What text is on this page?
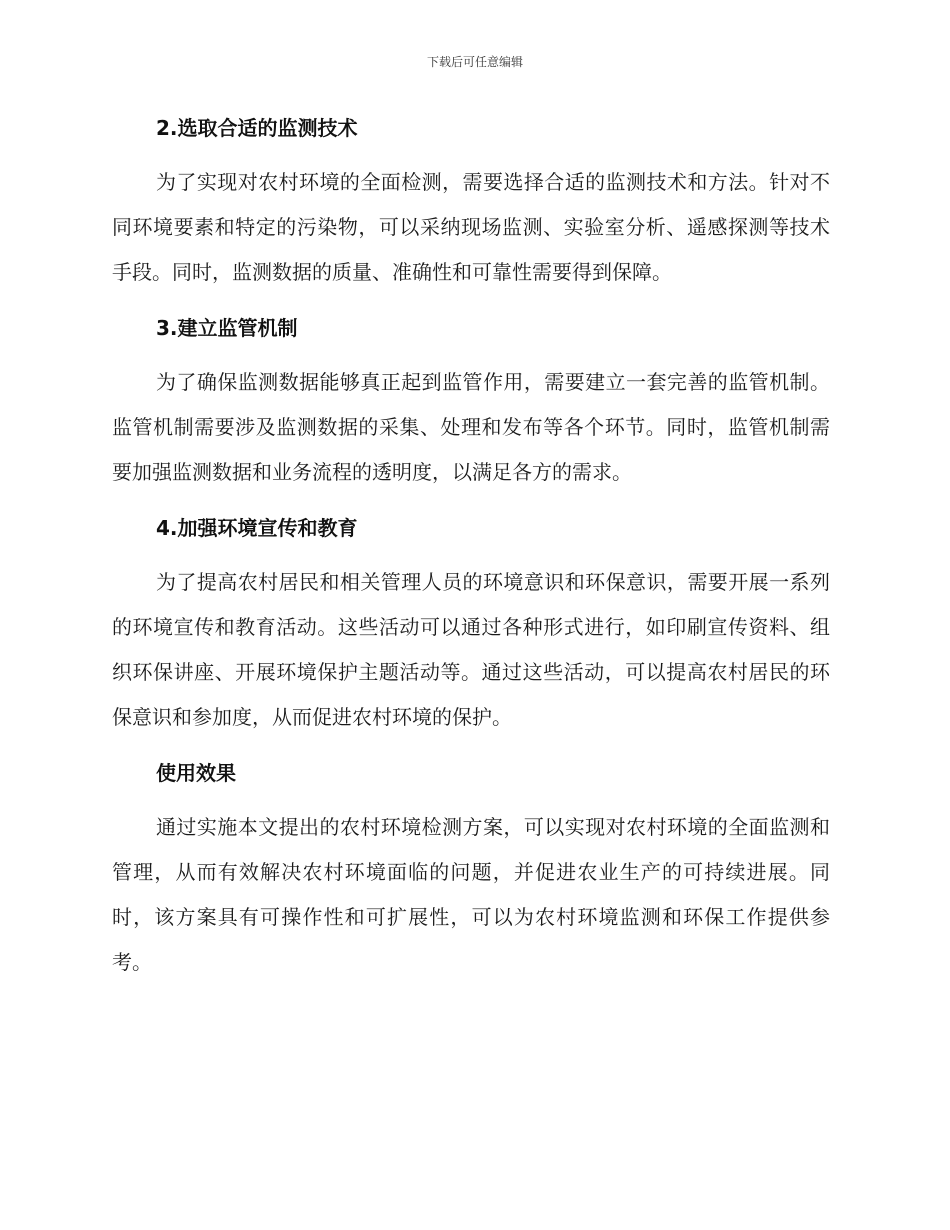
下载后可任意编辑
2.选取合适的监测技术

为了实现对农村环境的全面检测，需要选择合适的监测技术和方法。针对不同环境要素和特定的污染物，可以采纳现场监测、实验室分析、遥感探测等技术手段。同时，监测数据的质量、准确性和可靠性需要得到保障。

3.建立监管机制

为了确保监测数据能够真正起到监管作用，需要建立一套完善的监管机制。监管机制需要涉及监测数据的采集、处理和发布等各个环节。同时，监管机制需要加强监测数据和业务流程的透明度，以满足各方的需求。

4.加强环境宣传和教育

为了提高农村居民和相关管理人员的环境意识和环保意识，需要开展一系列的环境宣传和教育活动。这些活动可以通过各种形式进行，如印刷宣传资料、组织环保讲座、开展环境保护主题活动等。通过这些活动，可以提高农村居民的环保意识和参加度，从而促进农村环境的保护。

使用效果

通过实施本文提出的农村环境检测方案，可以实现对农村环境的全面监测和管理，从而有效解决农村环境面临的问题，并促进农业生产的可持续进展。同时，该方案具有可操作性和可扩展性，可以为农村环境监测和环保工作提供参考。
